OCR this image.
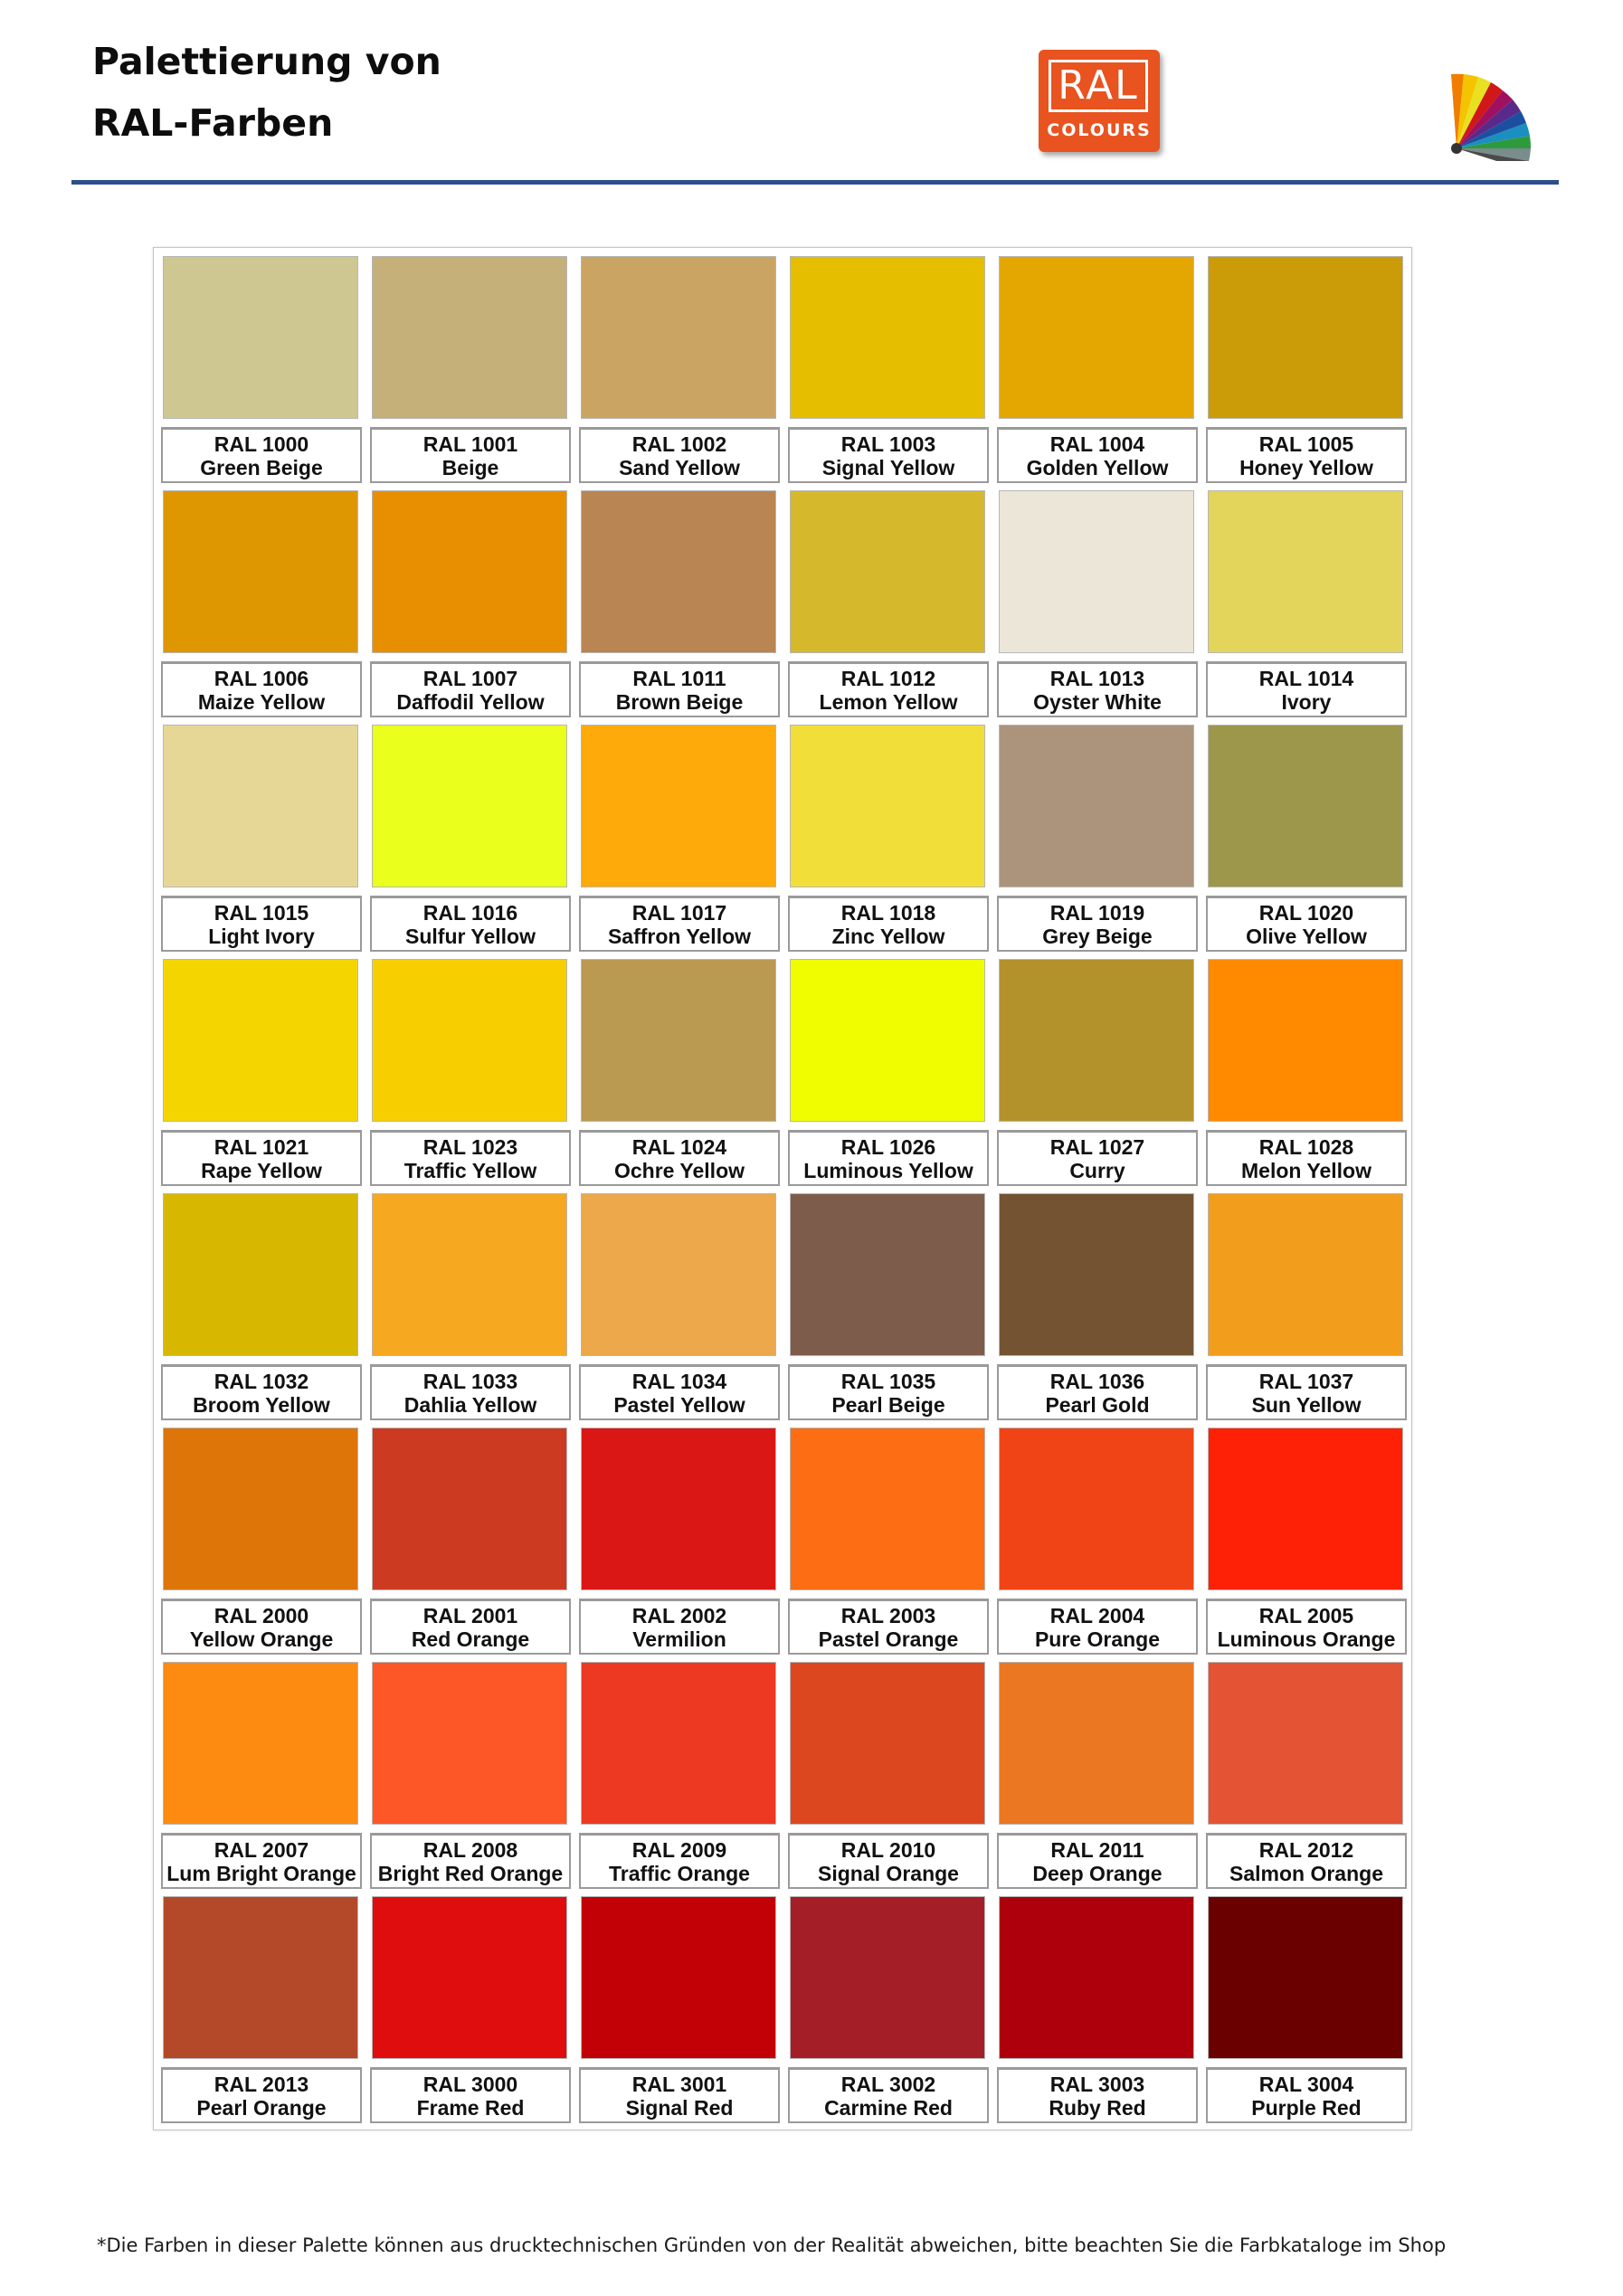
Palettierung von
RAL-Farben
RAL
COLOURS
RAL 1000
Green Beige
RAL 1001
Beige
RAL 1002
Sand Yellow
RAL 1003
Signal Yellow
RAL 1004
Golden Yellow
RAL 1005
Honey Yellow
RAL 1006
Maize Yellow
RAL 1007
Daffodil Yellow
RAL 1011
Brown Beige
RAL 1012
Lemon Yellow
RAL 1013
Oyster White
RAL 1014
Ivory
RAL 1015
Light Ivory
RAL 1016
Sulfur Yellow
RAL 1017
Saffron Yellow
RAL 1018
Zinc Yellow
RAL 1019
Grey Beige
RAL 1020
Olive Yellow
RAL 1021
Rape Yellow
RAL 1023
Traffic Yellow
RAL 1024
Ochre Yellow
RAL 1026
Luminous Yellow
RAL 1027
Curry
RAL 1028
Melon Yellow
RAL 1032
Broom Yellow
RAL 1033
Dahlia Yellow
RAL 1034
Pastel Yellow
RAL 1035
Pearl Beige
RAL 1036
Pearl Gold
RAL 1037
Sun Yellow
RAL 2000
Yellow Orange
RAL 2001
Red Orange
RAL 2002
Vermilion
RAL 2003
Pastel Orange
RAL 2004
Pure Orange
RAL 2005
Luminous Orange
RAL 2007
Lum Bright Orange
RAL 2008
Bright Red Orange
RAL 2009
Traffic Orange
RAL 2010
Signal Orange
RAL 2011
Deep Orange
RAL 2012
Salmon Orange
RAL 2013
Pearl Orange
RAL 3000
Frame Red
RAL 3001
Signal Red
RAL 3002
Carmine Red
RAL 3003
Ruby Red
RAL 3004
Purple Red
*Die Farben in dieser Palette können aus drucktechnischen Gründen von der Realität abweichen, bitte beachten Sie die Farbkataloge im Shop
